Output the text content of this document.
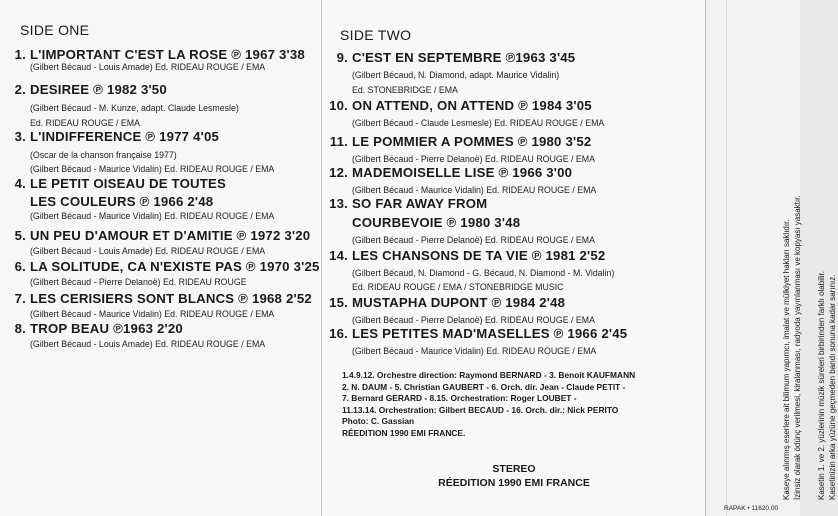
SIDE ONE	SIDE TWO
1. L'IMPORTANT C'EST LA ROSE ℗ 1967 3'38
(Gilbert Bécaud - Louis Amade) Ed. RIDEAU ROUGE / EMA
2. DESIREE ℗ 1982 3'50
(Gilbert Bécaud - M. Kunze, adapt. Claude Lesmesle)
Ed. RIDEAU ROUGE / EMA
3. L'INDIFFERENCE ℗ 1977 4'05
(Oscar de la chanson française 1977)
(Gilbert Bécaud - Maurice Vidalin) Ed. RIDEAU ROUGE / EMA
4. LE PETIT OISEAU DE TOUTES
LES COULEURS ℗ 1966 2'48
(Gilbert Bécaud - Maurice Vidalin) Ed. RIDEAU ROUGE / EMA
5. UN PEU D'AMOUR ET D'AMITIE ℗ 1972 3'20
(Gilbert Bécaud - Louis Amade) Ed. RIDEAU ROUGE / EMA
6. LA SOLITUDE, CA N'EXISTE PAS ℗ 1970 3'25
(Gilbert Bécaud - Pierre Delanoë) Ed. RIDEAU ROUGE
7. LES CERISIERS SONT BLANCS ℗ 1968 2'52
(Gilbert Bécaud - Maurice Vidalin) Ed. RIDEAU ROUGE / EMA
8. TROP BEAU ℗1963 2'20
(Gilbert Bécaud - Louis Amade) Ed. RIDEAU ROUGE / EMA
9. C'EST EN SEPTEMBRE ℗1963 3'45
(Gilbert Bécaud, N. Diamond, adapt. Maurice Vidalin)
Ed. STONEBRIDGE / EMA
10. ON ATTEND, ON ATTEND ℗ 1984 3'05
(Gilbert Bécaud - Claude Lesmesle) Ed. RIDEAU ROUGE / EMA
11. LE POMMIER A POMMES ℗ 1980 3'52
(Gilbert Bécaud - Pierre Delanoë) Ed. RIDEAU ROUGE / EMA
12. MADEMOISELLE LISE ℗ 1966 3'00
(Gilbert Bécaud - Maurice Vidalin) Ed. RIDEAU ROUGE / EMA
13. SO FAR AWAY FROM
COURBEVOIE ℗ 1980 3'48
(Gilbert Bécaud - Pierre Delanoë) Ed. RIDEAU ROUGE / EMA
14. LES CHANSONS DE TA VIE ℗ 1981 2'52
(Gilbert Bécaud, N. Diamond - G. Bécaud, N. Diamond - M. Vidalin)
Ed. RIDEAU ROUGE / EMA / STONEBRIDGE MUSIC
15. MUSTAPHA DUPONT ℗ 1984 2'48
(Gilbert Bécaud - Pierre Delanoë) Ed. RIDEAU ROUGE / EMA
16. LES PETITES MAD'MASELLES ℗ 1966 2'45
(Gilbert Bécaud - Maurice Vidalin) Ed. RIDEAU ROUGE / EMA
1.4.9.12. Orchestre direction: Raymond BERNARD - 3. Benoit KAUFMANN
2. N. DAUM - 5. Christian GAUBERT - 6. Orch. dir. Jean - Claude PETIT -
7. Bernard GERARD - 8.15. Orchestration: Roger LOUBET -
11.13.14. Orchestration: Gilbert BECAUD - 16. Orch. dir.: Nick PERITO
Photo: C. Gassian
RÉEDITION 1990 EMI FRANCE.
STEREO
RÉEDITION 1990 EMI FRANCE	Kaseye alınmış eserlere ait bilimum yapımcı, imalat ve mülkiyet hakları saklıdır. İzinsiz olarak ödünç verilmesi, kiralanması, radyoda yayınlanması ve kopyası yasaktır. Kasetin 1. ve 2. yüzlerinin müzik süreleri birbirinden farklı olabilir. Kasetinizin arka yüzüne geçmeden bandı sonuna kadar sarınız.
RAPAK • 11620.00
